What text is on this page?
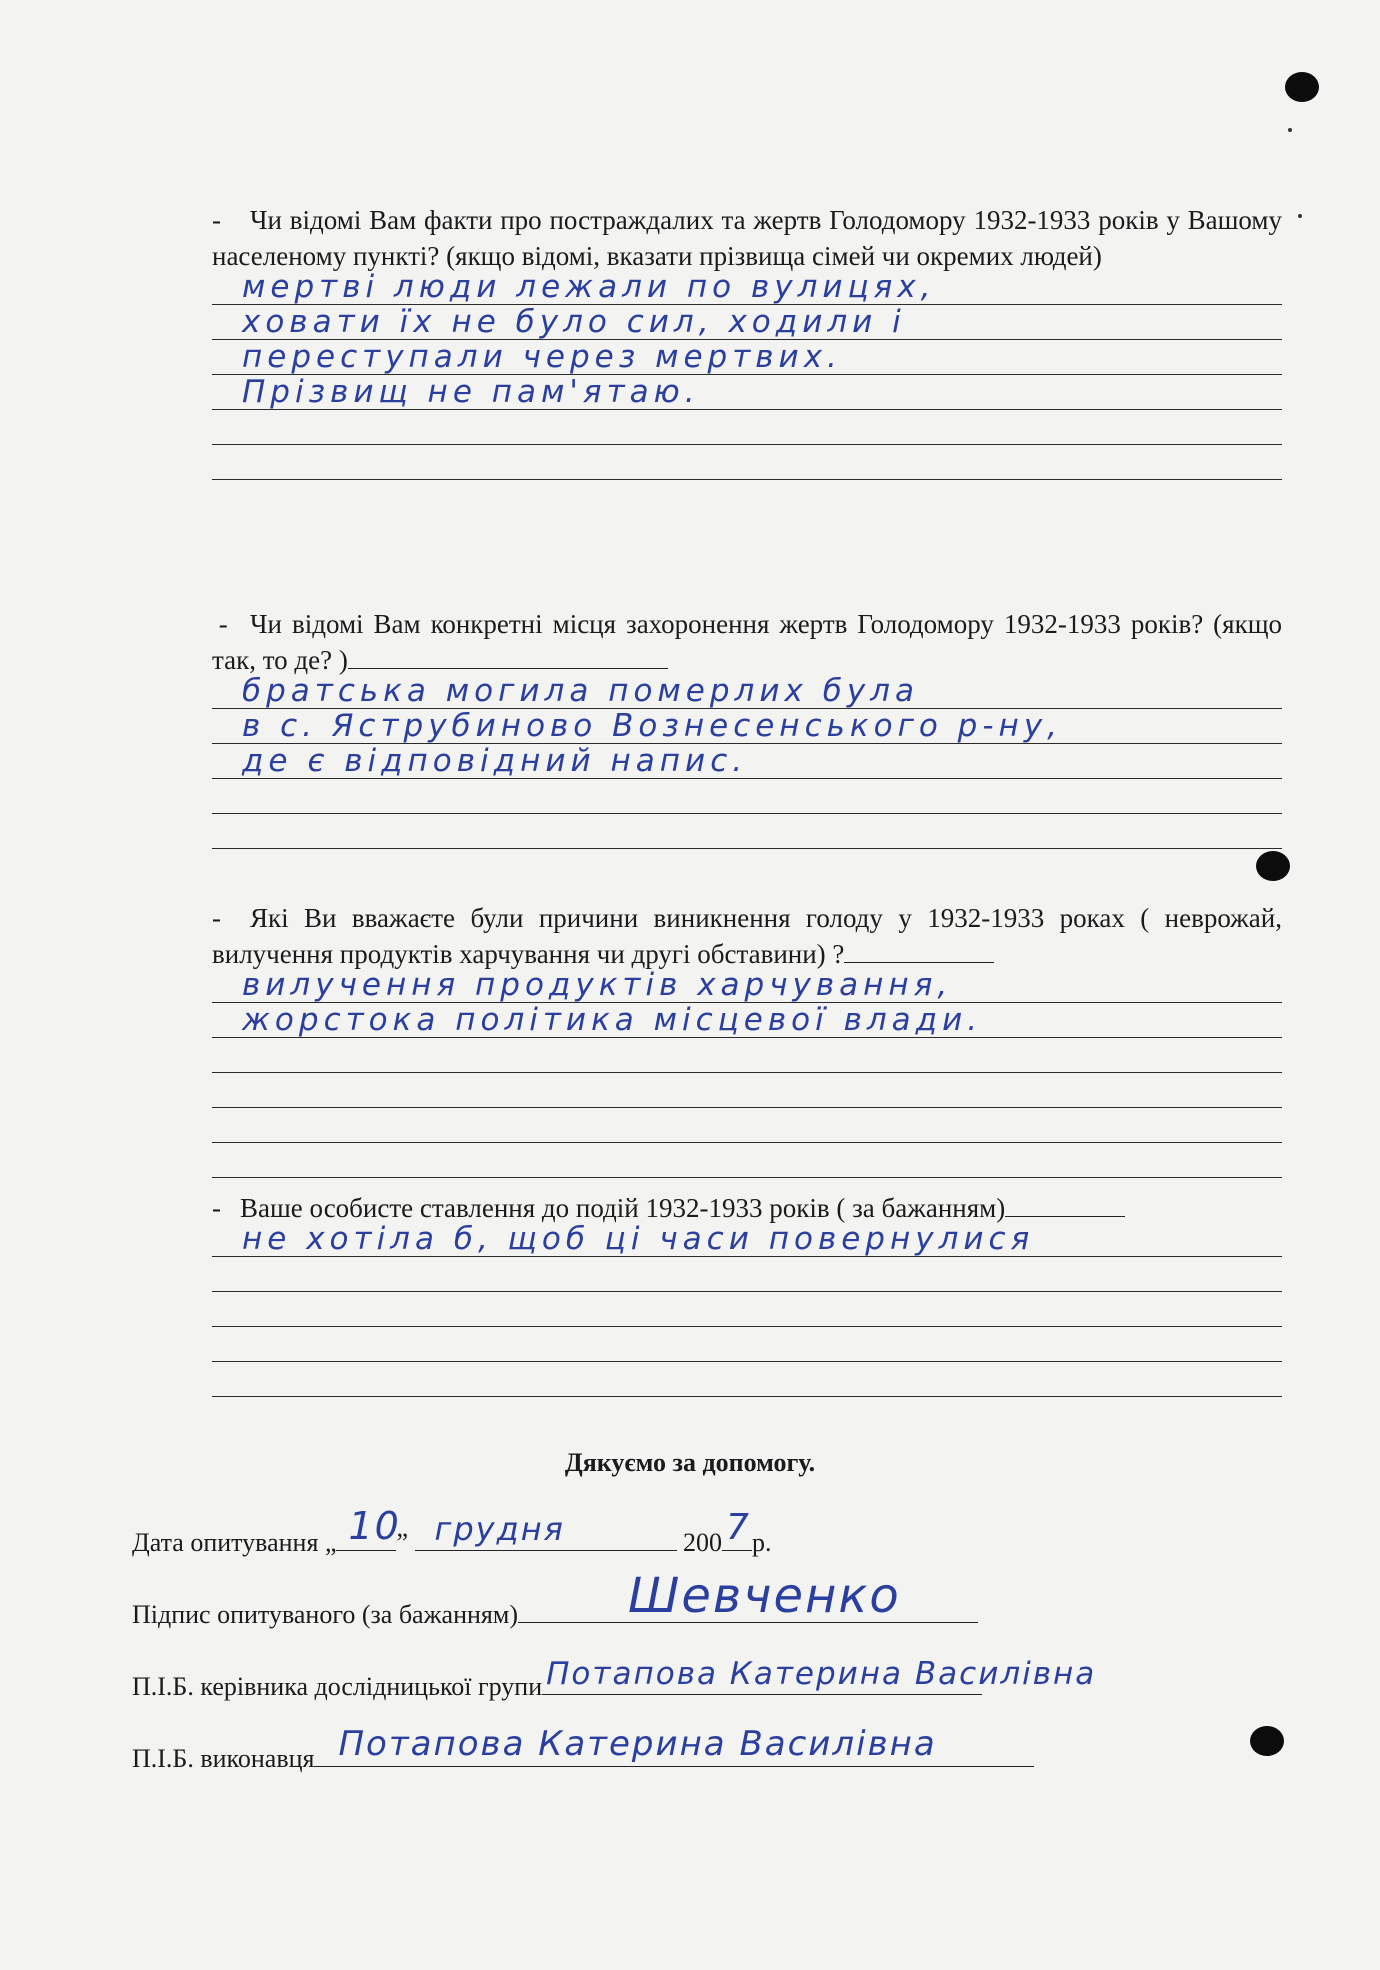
- Чи відомі Вам факти про постраждалих та жертв Голодомору 1932-1933 років у Вашому населеному пункті? (якщо відомі, вказати прізвища сімей чи окремих людей)

мертві люди лежали по вулицях,
ховати їх не було сил, ходили і
переступали через мертвих.
Прізвищ не пам'ятаю.

- Чи відомі Вам конкретні місця захоронення жертв Голодомору 1932-1933 років? (якщо так, то де? )

братська могила померлих була
в с. Яструбиново Вознесенського р-ну,
де є відповідний напис.

- Які Ви вважаєте були причини виникнення голоду у 1932-1933 роках ( неврожай, вилучення продуктів харчування чи другі обставини) ?

вилучення продуктів харчування,
жорстока політика місцевої влади.

- Ваше особисте ставлення до подій 1932-1933 років ( за бажанням)

не хотіла б, щоб ці часи повернулися
Дякуємо за допомогу.
Дата опитування „ 10
” грудня	200 7 р.
Підпис опитуваного (за бажанням) Шевченко
П.І.Б. керівника дослідницької групи Потапова Катерина Василівна
П.І.Б. виконавця Потапова Катерина Василівна
